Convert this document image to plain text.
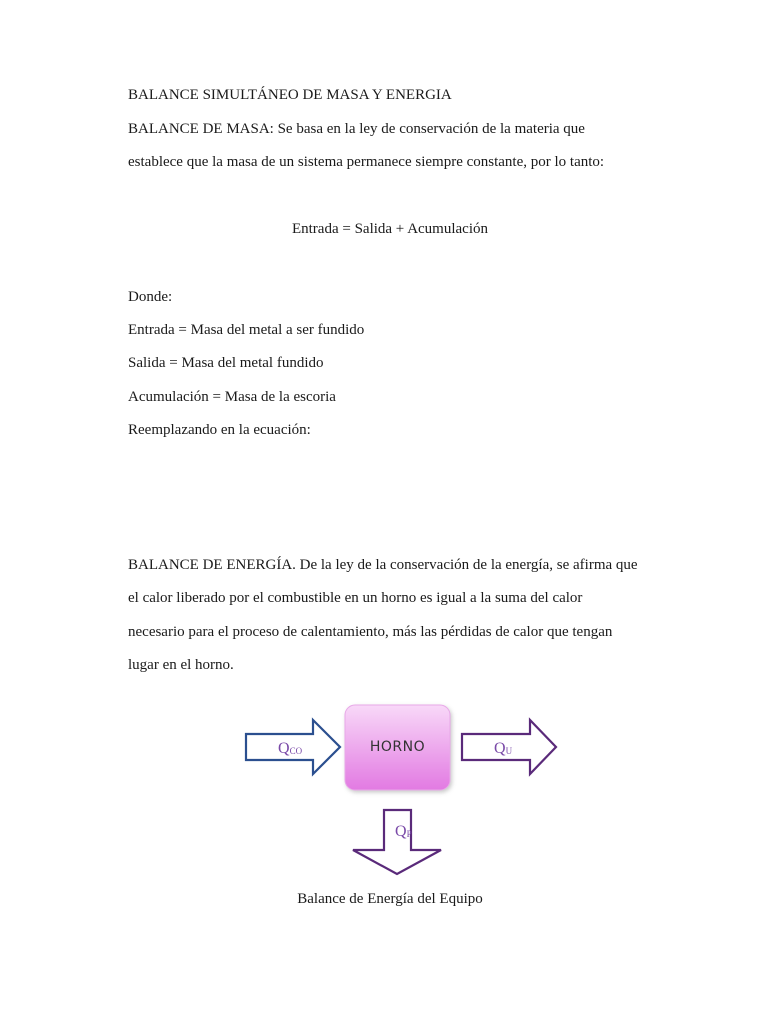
BALANCE SIMULTÁNEO DE MASA Y ENERGIA
BALANCE DE MASA: Se basa en la ley de conservación de la materia que
establece que la masa de un sistema permanece siempre constante, por lo tanto:
Entrada = Salida + Acumulación
Donde:
Entrada = Masa del metal a ser fundido
Salida = Masa del metal fundido
Acumulación = Masa de la escoria
Reemplazando en la ecuación:
BALANCE DE ENERGÍA. De la ley de la conservación de la energía, se afirma que
el calor liberado por el combustible en un horno es igual a la suma del calor
necesario para el proceso de calentamiento, más las pérdidas de calor que tengan
lugar en el horno.
QCO	HORNO	QU
QP
Balance de Energía del Equipo
